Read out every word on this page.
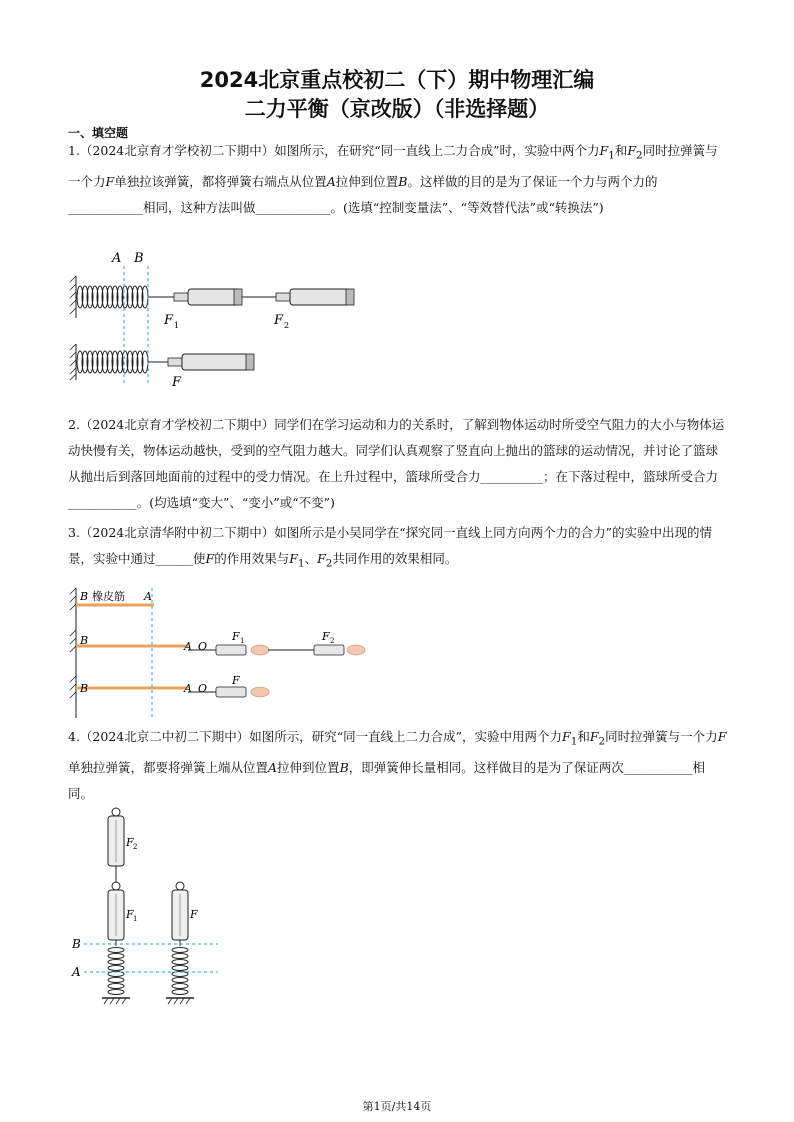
2024北京重点校初二（下）期中物理汇编
二力平衡（京改版）（非选择题）
一、填空题
1.（2024北京育才学校初二下期中）如图所示，在研究“同一直线上二力合成”时，实验中两个力$F_1$和$F_2$同时拉弹簧与一个力F单独拉该弹簧，都将弹簧右端点从位置A拉伸到位置B。这样做的目的是为了保证一个力与两个力的____________相同，这种方法叫做____________。(选填“控制变量法”、“等效替代法”或“转换法”)
A B
F 1	F 2
F
2.（2024北京育才学校初二下期中）同学们在学习运动和力的关系时，了解到物体运动时所受空气阻力的大小与物体运动快慢有关，物体运动越快，受到的空气阻力越大。同学们认真观察了竖直向上抛出的篮球的运动情况，并讨论了篮球从抛出后到落回地面前的过程中的受力情况。在上升过程中，篮球所受合力__________；在下落过程中，篮球所受合力___________。(均选填“变大”、“变小”或“不变”)
3.（2024北京清华附中初二下期中）如图所示是小吴同学在“探究同一直线上同方向两个力的合力”的实验中出现的情景，实验中通过______使F的作用效果与$F_1$、$F_2$共同作用的效果相同。
B 橡皮筋 A
B	A O
B	A O
F 1	F 2
F
4.（2024北京二中初二下期中）如图所示，研究“同一直线上二力合成”，实验中用两个力$F_1$和$F_2$同时拉弹簧与一个力F单独拉弹簧，都要将弹簧上端从位置A拉伸到位置B，即弹簧伸长量相同。这样做目的是为了保证两次___________相同。
F 2
F 1	F
B
A
第1页/共14页
